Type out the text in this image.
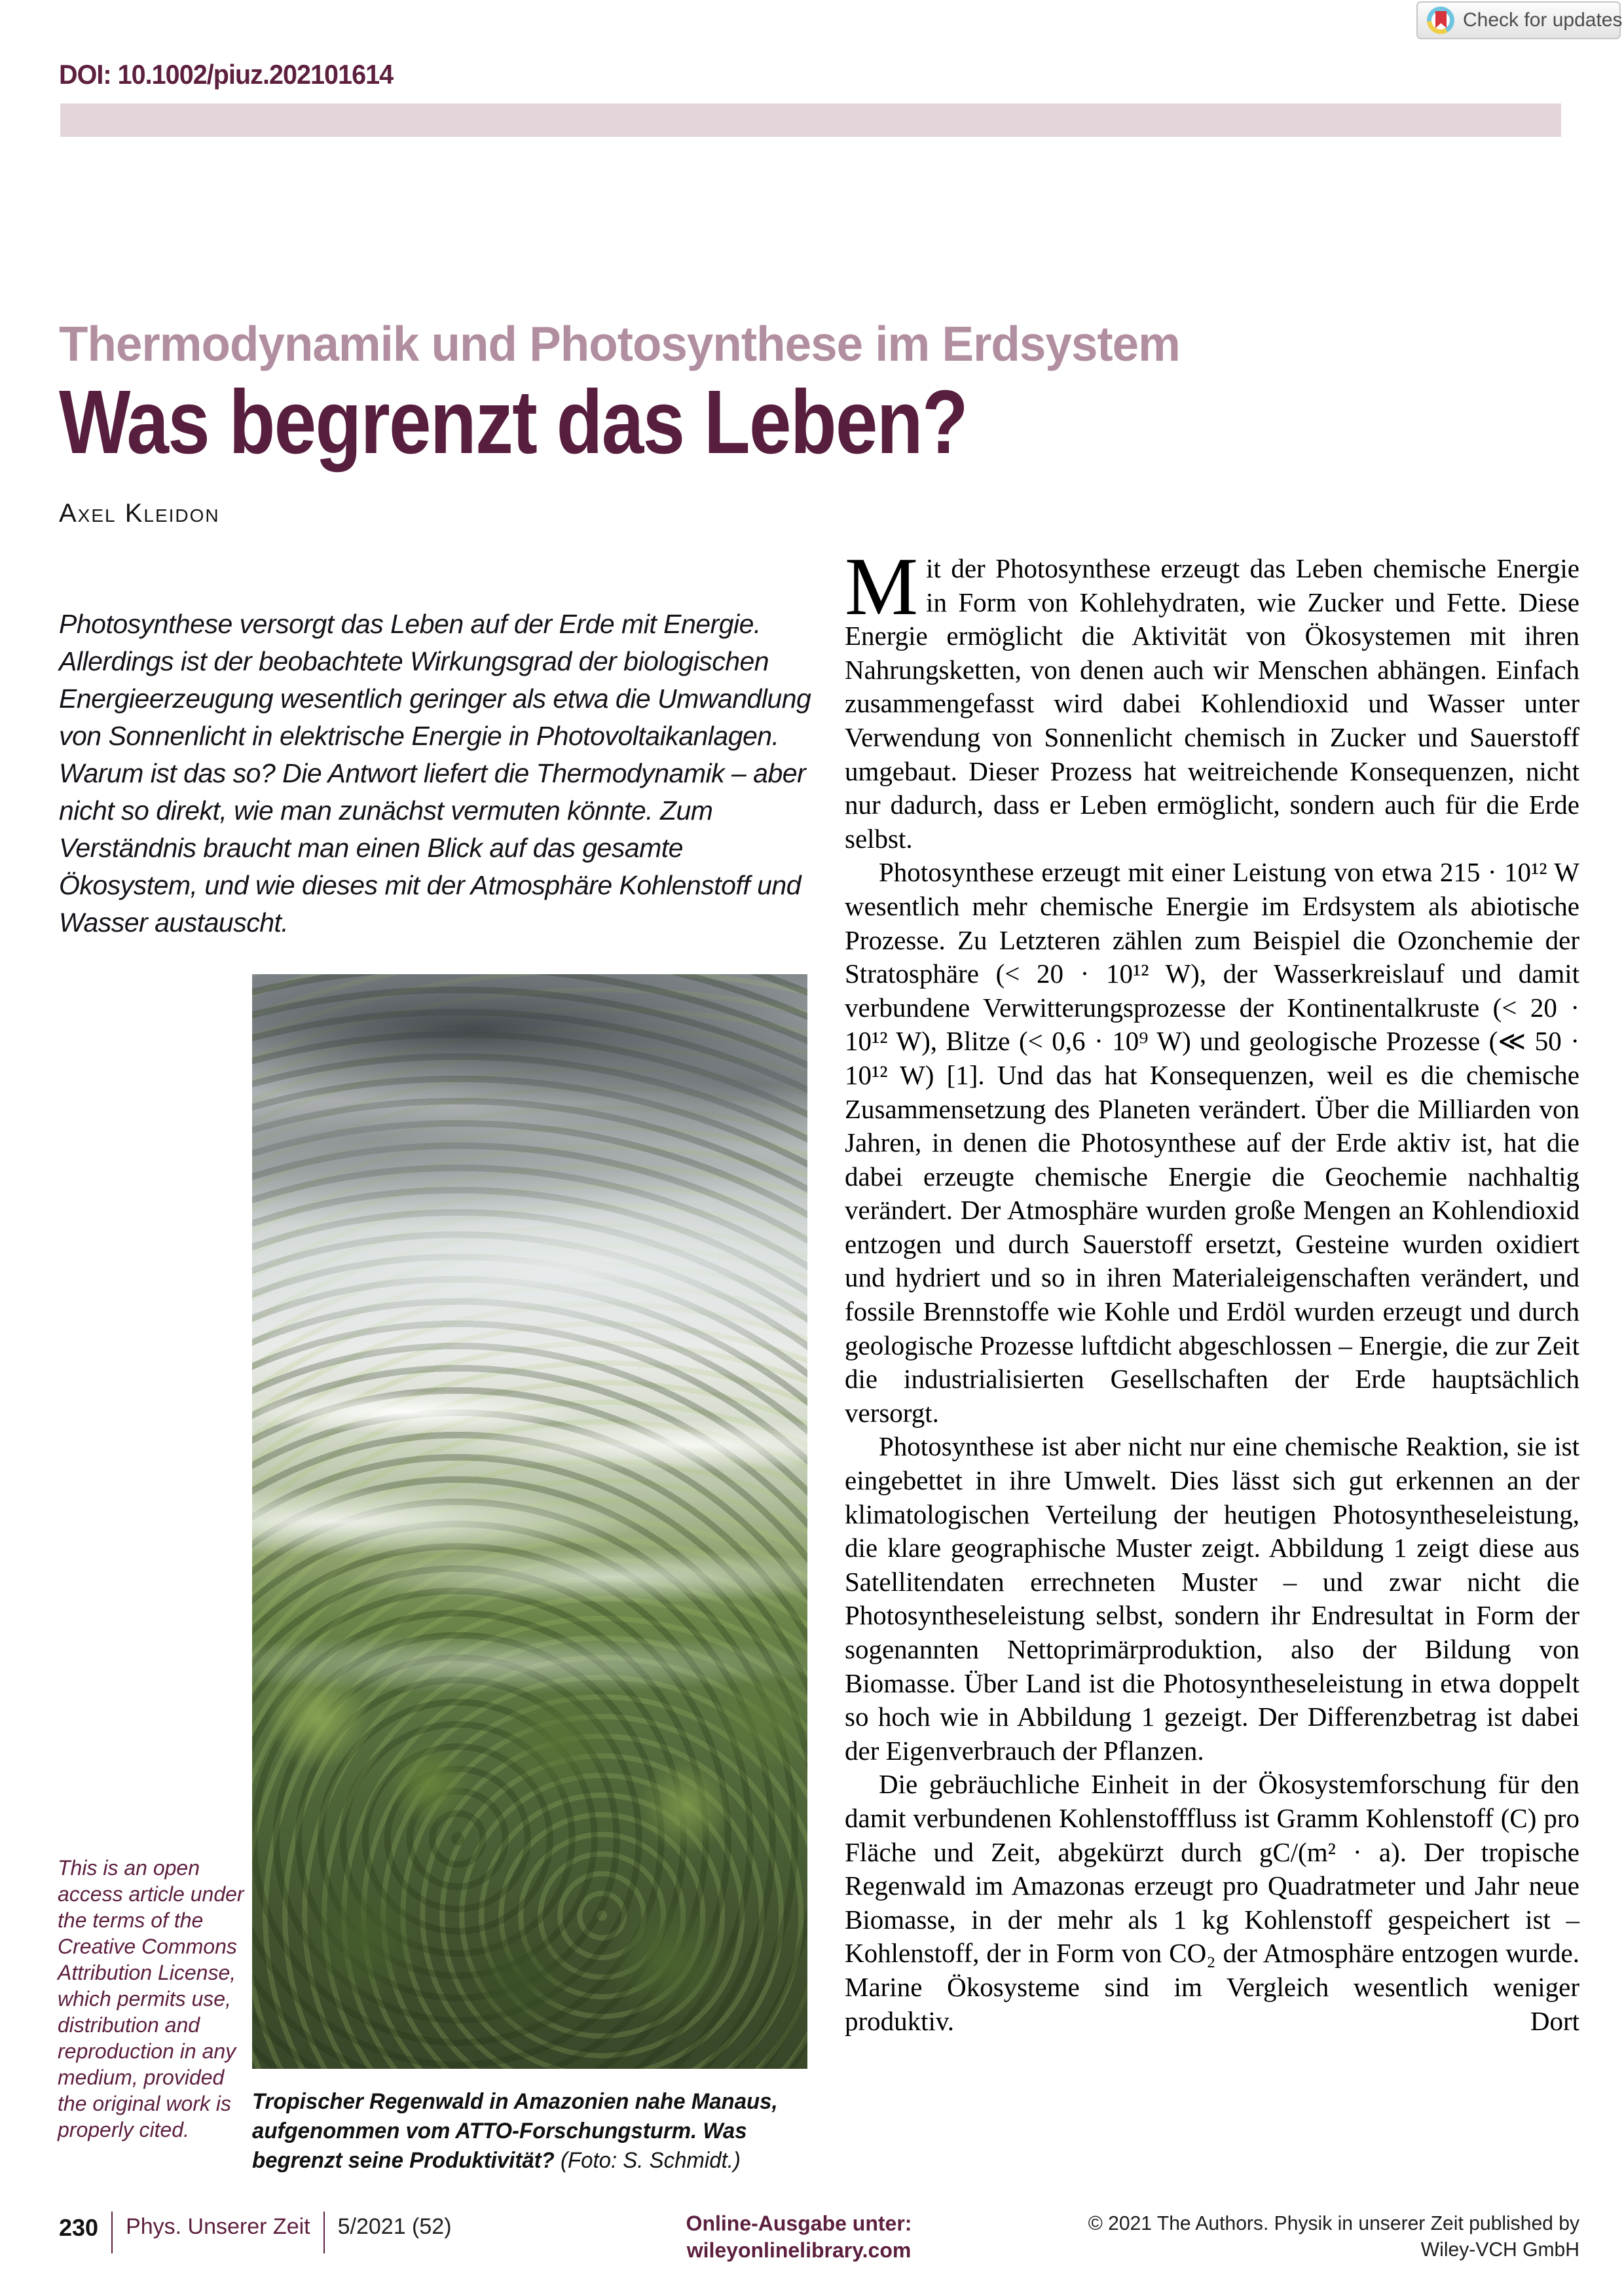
DOI: 10.1002/piuz.202101614
Check for updates
Thermodynamik und Photosynthese im Erdsystem
Was begrenzt das Leben?
Axel Kleidon
Photosynthese versorgt das Leben auf der Erde mit Energie. Allerdings ist der beobachtete Wirkungsgrad der biologischen Energieerzeugung wesentlich geringer als etwa die Umwandlung von Sonnenlicht in elektrische Energie in Photovoltaikanlagen. Warum ist das so? Die Antwort liefert die Thermodynamik – aber nicht so direkt, wie man zunächst vermuten könnte. Zum Verständnis braucht man einen Blick auf das gesamte Ökosystem, und wie dieses mit der Atmosphäre Kohlenstoff und Wasser austauscht.
This is an open access article under the terms of the Creative Commons Attribution License, which permits use, distribution and reproduction in any medium, provided the original work is properly cited.
Tropischer Regenwald in Amazonien nahe Manaus, aufgenommen vom ATTO-Forschungsturm. Was begrenzt seine Produktivität? (Foto: S. Schmidt.)

Mit der Photosynthese erzeugt das Leben chemische Energie in Form von Kohlehydraten, wie Zucker und Fette. Diese Energie ermöglicht die Aktivität von Ökosystemen mit ihren Nahrungsketten, von denen auch wir Menschen abhängen. Einfach zusammengefasst wird dabei Kohlendioxid und Wasser unter Verwendung von Sonnenlicht chemisch in Zucker und Sauerstoff umgebaut. Dieser Prozess hat weitreichende Konsequenzen, nicht nur dadurch, dass er Leben ermöglicht, sondern auch für die Erde selbst.

Photosynthese erzeugt mit einer Leistung von etwa 215 · 10¹² W wesentlich mehr chemische Energie im Erdsystem als abiotische Prozesse. Zu Letzteren zählen zum Beispiel die Ozonchemie der Stratosphäre (< 20 · 10¹² W), der Wasserkreislauf und damit verbundene Verwitterungsprozesse der Kontinentalkruste (< 20 · 10¹² W), Blitze (< 0,6 · 10⁹ W) und geologische Prozesse (≪ 50 · 10¹² W) [1]. Und das hat Konsequenzen, weil es die chemische Zusammensetzung des Planeten verändert. Über die Milliarden von Jahren, in denen die Photosynthese auf der Erde aktiv ist, hat die dabei erzeugte chemische Energie die Geochemie nachhaltig verändert. Der Atmosphäre wurden große Mengen an Kohlendioxid entzogen und durch Sauerstoff ersetzt, Gesteine wurden oxidiert und hydriert und so in ihren Materialeigenschaften verändert, und fossile Brennstoffe wie Kohle und Erdöl wurden erzeugt und durch geologische Prozesse luftdicht abgeschlossen – Energie, die zur Zeit die industrialisierten Gesellschaften der Erde hauptsächlich versorgt.

Photosynthese ist aber nicht nur eine chemische Reaktion, sie ist eingebettet in ihre Umwelt. Dies lässt sich gut erkennen an der klimatologischen Verteilung der heutigen Photosyntheseleistung, die klare geographische Muster zeigt. Abbildung 1 zeigt diese aus Satellitendaten errechneten Muster – und zwar nicht die Photosyntheseleistung selbst, sondern ihr Endresultat in Form der sogenannten Nettoprimärproduktion, also der Bildung von Biomasse. Über Land ist die Photosyntheseleistung in etwa doppelt so hoch wie in Abbildung 1 gezeigt. Der Differenzbetrag ist dabei der Eigenverbrauch der Pflanzen.

Die gebräuchliche Einheit in der Ökosystemforschung für den damit verbundenen Kohlenstofffluss ist Gramm Kohlenstoff (C) pro Fläche und Zeit, abgekürzt durch gC/(m² · a). Der tropische Regenwald im Amazonas erzeugt pro Quadratmeter und Jahr neue Biomasse, in der mehr als 1 kg Kohlenstoff gespeichert ist – Kohlenstoff, der in Form von CO₂ der Atmosphäre entzogen wurde. Marine Ökosysteme sind im Vergleich wesentlich weniger produktiv. Dort

230 Phys. Unserer Zeit 5/2021 (52)	Online-Ausgabe unter:
wileyonlinelibrary.com
© 2021 The Authors. Physik in unserer Zeit published by
Wiley-VCH GmbH
